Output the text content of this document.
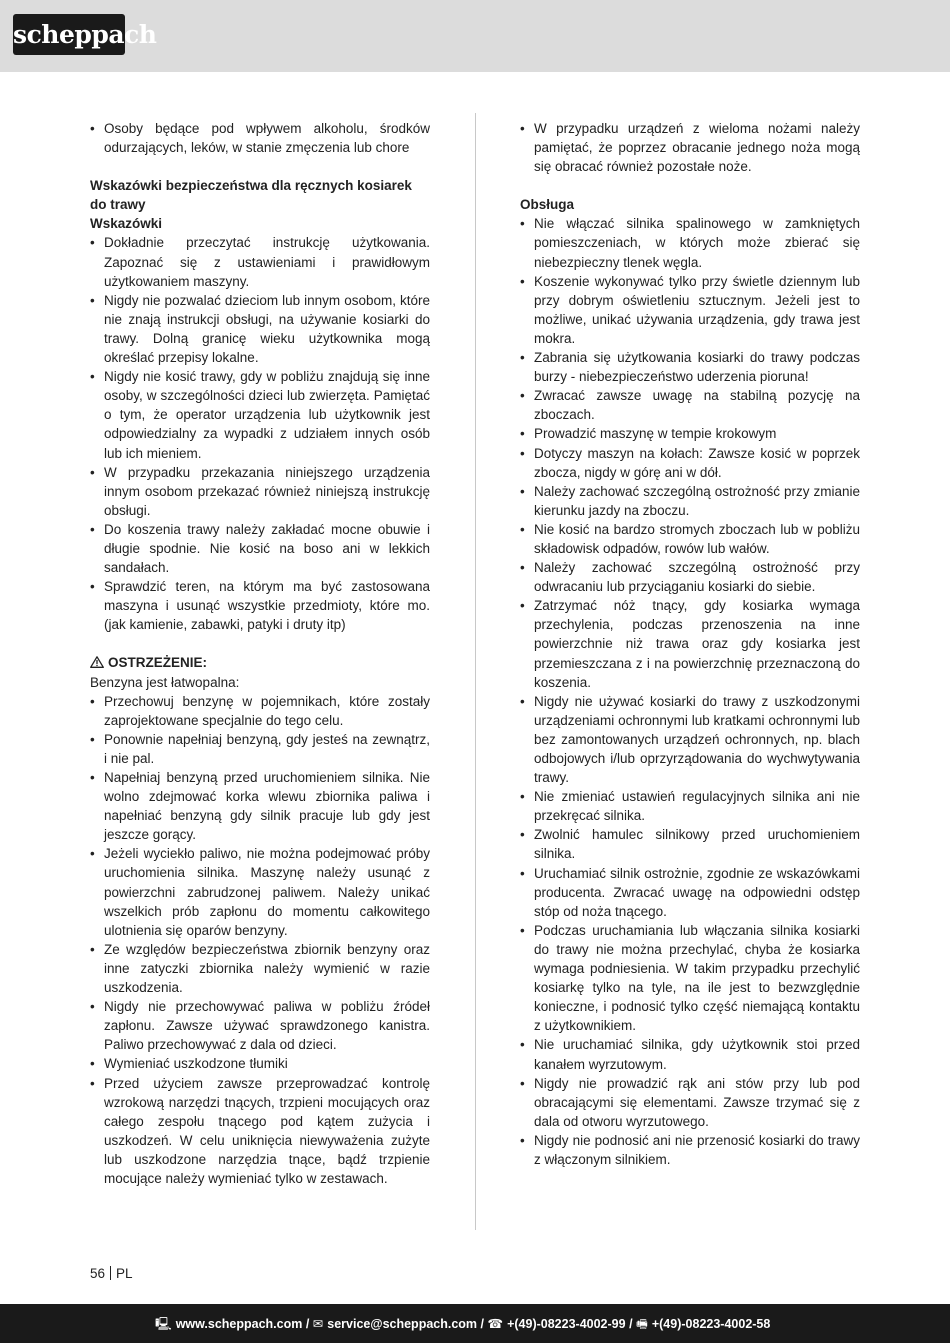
scheppach
• Osoby będące pod wpływem alkoholu, środków odurzających, leków, w stanie zmęczenia lub chore

Wskazówki bezpieczeństwa dla ręcznych kosiarek do trawy

Wskazówki

• Dokładnie przeczytać instrukcję użytkowania. Zapoznać się z ustawieniami i prawidłowym użytkowaniem maszyny.
• Nigdy nie pozwalać dzieciom lub innym osobom, które nie znają instrukcji obsługi, na używanie kosiarki do trawy. Dolną granicę wieku użytkownika mogą określać przepisy lokalne.
• Nigdy nie kosić trawy, gdy w pobliżu znajdują się inne osoby, w szczególności dzieci lub zwierzęta. Pamiętać o tym, że operator urządzenia lub użytkownik jest odpowiedzialny za wypadki z udziałem innych osób lub ich mieniem.
• W przypadku przekazania niniejszego urządzenia innym osobom przekazać również niniejszą instrukcję obsługi.
• Do koszenia trawy należy zakładać mocne obuwie i długie spodnie. Nie kosić na boso ani w lekkich sandałach.
• Sprawdzić teren, na którym ma być zastosowana maszyna i usunąć wszystkie przedmioty, które mo. (jak kamienie, zabawki, patyki i druty itp)

OSTRZEŻENIE:

Benzyna jest łatwopalna:

• Przechowuj benzynę w pojemnikach, które zostały zaprojektowane specjalnie do tego celu.
• Ponownie napełniaj benzyną, gdy jesteś na zewnątrz, i nie pal.
• Napełniaj benzyną przed uruchomieniem silnika. Nie wolno zdejmować korka wlewu zbiornika paliwa i napełniać benzyną gdy silnik pracuje lub gdy jest jeszcze gorący.
• Jeżeli wyciekło paliwo, nie można podejmować próby uruchomienia silnika. Maszynę należy usunąć z powierzchni zabrudzonej paliwem. Należy unikać wszelkich prób zapłonu do momentu całkowitego ulotnienia się oparów benzyny.
• Ze względów bezpieczeństwa zbiornik benzyny oraz inne zatyczki zbiornika należy wymienić w razie uszkodzenia.
• Nigdy nie przechowywać paliwa w pobliżu źródeł zapłonu. Zawsze używać sprawdzonego kanistra. Paliwo przechowywać z dala od dzieci.
• Wymieniać uszkodzone tłumiki
• Przed użyciem zawsze przeprowadzać kontrolę wzrokową narzędzi tnących, trzpieni mocujących oraz całego zespołu tnącego pod kątem zużycia i uszkodzeń. W celu uniknięcia niewyważenia zużyte lub uszkodzone narzędzia tnące, bądź trzpienie mocujące należy wymieniać tylko w zestawach.
• W przypadku urządzeń z wieloma nożami należy pamiętać, że poprzez obracanie jednego noża mogą się obracać również pozostałe noże.

Obsługa

• Nie włączać silnika spalinowego w zamkniętych pomieszczeniach, w których może zbierać się niebezpieczny tlenek węgla.
• Koszenie wykonywać tylko przy świetle dziennym lub przy dobrym oświetleniu sztucznym. Jeżeli jest to możliwe, unikać używania urządzenia, gdy trawa jest mokra.
• Zabrania się użytkowania kosiarki do trawy podczas burzy - niebezpieczeństwo uderzenia pioruna!
• Zwracać zawsze uwagę na stabilną pozycję na zboczach.
• Prowadzić maszynę w tempie krokowym
• Dotyczy maszyn na kołach: Zawsze kosić w poprzek zbocza, nigdy w górę ani w dół.
• Należy zachować szczególną ostrożność przy zmianie kierunku jazdy na zboczu.
• Nie kosić na bardzo stromych zboczach lub w pobliżu składowisk odpadów, rowów lub wałów.
• Należy zachować szczególną ostrożność przy odwracaniu lub przyciąganiu kosiarki do siebie.
• Zatrzymać nóż tnący, gdy kosiarka wymaga przechylenia, podczas przenoszenia na inne powierzchnie niż trawa oraz gdy kosiarka jest przemieszczana z i na powierzchnię przeznaczoną do koszenia.
• Nigdy nie używać kosiarki do trawy z uszkodzonymi urządzeniami ochronnymi lub kratkami ochronnymi lub bez zamontowanych urządzeń ochronnych, np. blach odbojowych i/lub oprzyrządowania do wychwytywania trawy.
• Nie zmieniać ustawień regulacyjnych silnika ani nie przekręcać silnika.
• Zwolnić hamulec silnikowy przed uruchomieniem silnika.
• Uruchamiać silnik ostrożnie, zgodnie ze wskazówkami producenta. Zwracać uwagę na odpowiedni odstęp stóp od noża tnącego.
• Podczas uruchamiania lub włączania silnika kosiarki do trawy nie można przechylać, chyba że kosiarka wymaga podniesienia. W takim przypadku przechylić kosiarkę tylko na tyle, na ile jest to bezwzględnie konieczne, i podnosić tylko część niemającą kontaktu z użytkownikiem.
• Nie uruchamiać silnika, gdy użytkownik stoi przed kanałem wyrzutowym.
• Nigdy nie prowadzić rąk ani stów przy lub pod obracającymi się elementami. Zawsze trzymać się z dala od otworu wyrzutowego.
• Nigdy nie podnosić ani nie przenosić kosiarki do trawy z włączonym silnikiem.
56 PL
🖳 www.scheppach.com / ✉ service@scheppach.com / ☎ +(49)-08223-4002-99 / 🖷 +(49)-08223-4002-58
